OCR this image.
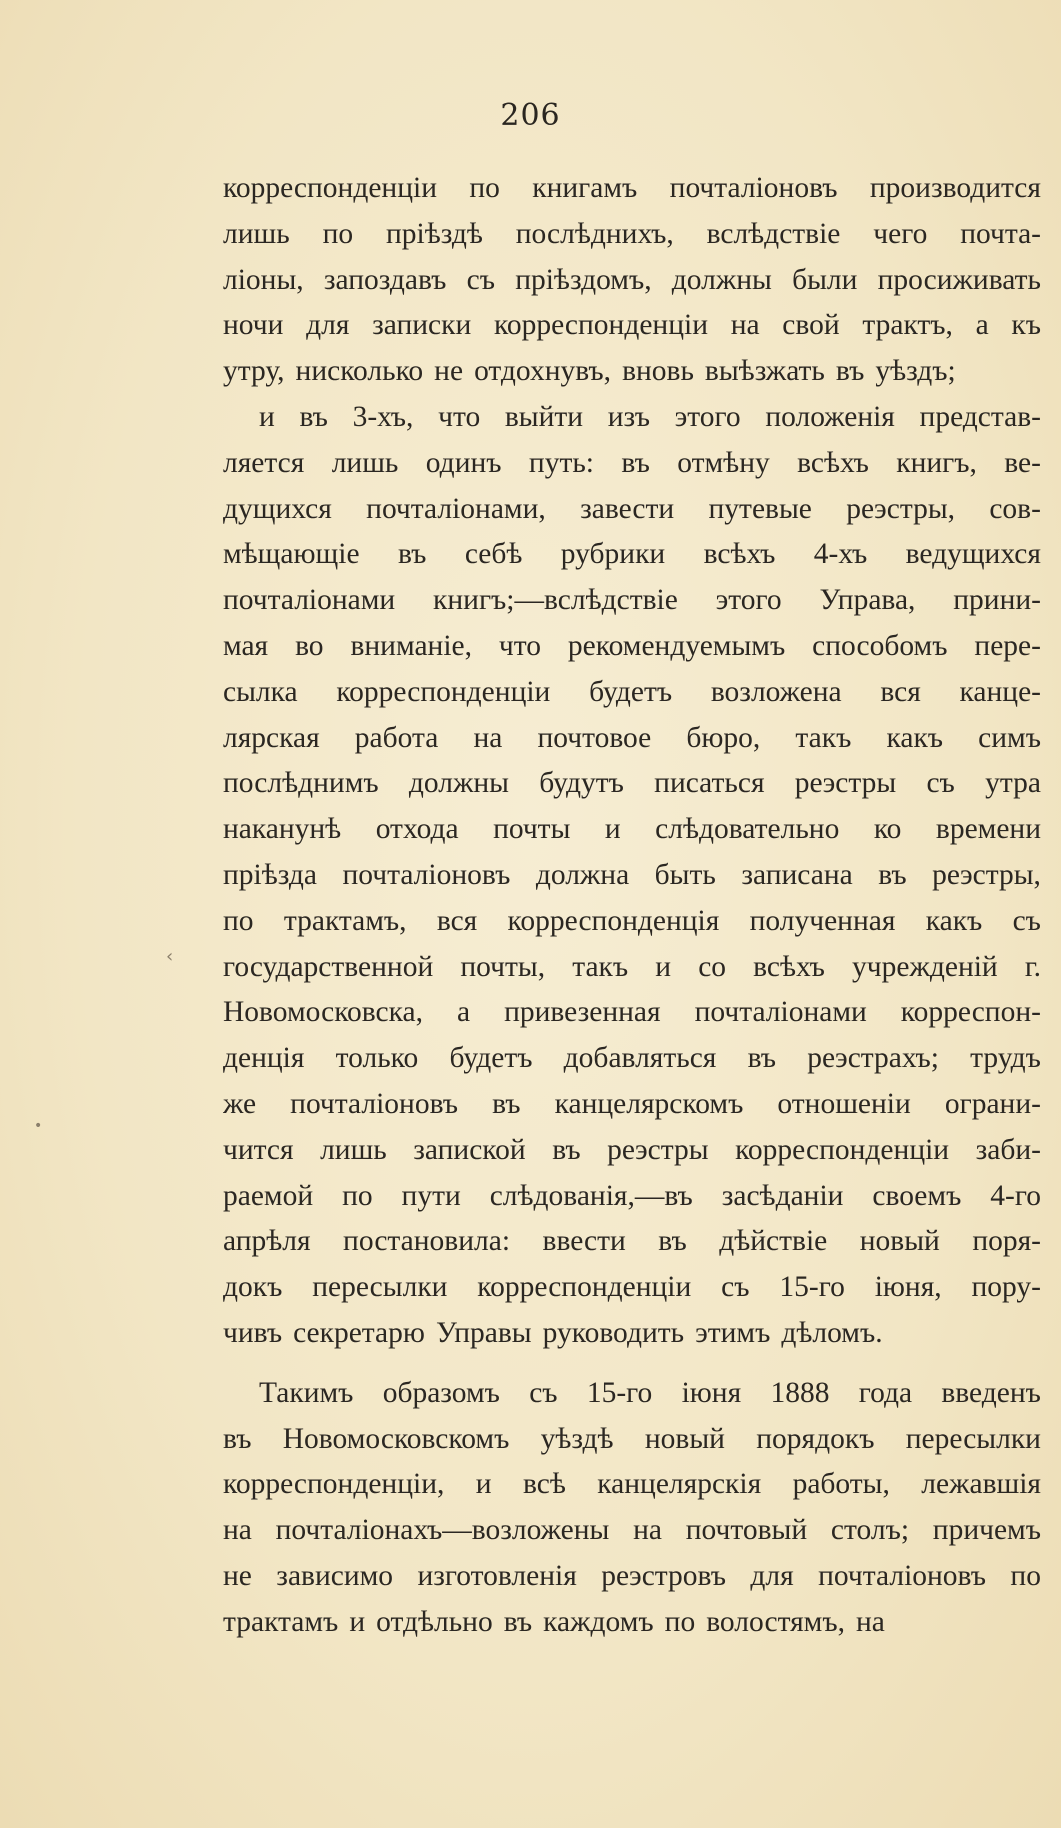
206
корреспонденціи по книгамъ почталіоновъ производится
лишь по пріѣздѣ послѣднихъ, вслѣдствіе чего почта-
ліоны, запоздавъ съ пріѣздомъ, должны были просиживать
ночи для записки корреспонденціи на свой трактъ, а къ
утру, нисколько не отдохнувъ, вновь выѣзжать въ уѣздъ;
и въ 3-хъ, что выйти изъ этого положенія представ-
ляется лишь одинъ путь: въ отмѣну всѣхъ книгъ, ве-
дущихся почталіонами, завести путевые реэстры, сов-
мѣщающіе въ себѣ рубрики всѣхъ 4-хъ ведущихся
почталіонами книгъ;—вслѣдствіе этого Управа, прини-
мая во вниманіе, что рекомендуемымъ способомъ пере-
сылка корреспонденціи будетъ возложена вся канце-
лярская работа на почтовое бюро, такъ какъ симъ
послѣднимъ должны будутъ писаться реэстры съ утра
наканунѣ отхода почты и слѣдовательно ко времени
пріѣзда почталіоновъ должна быть записана въ реэстры,
по трактамъ, вся корреспонденція полученная какъ съ
государственной почты, такъ и со всѣхъ учрежденій г.
Новомосковска, а привезенная почталіонами корреспон-
денція только будетъ добавляться въ реэстрахъ; трудъ
же почталіоновъ въ канцелярскомъ отношеніи ограни-
чится лишь запиской въ реэстры корреспонденціи заби-
раемой по пути слѣдованія,—въ засѣданіи своемъ 4-го
апрѣля постановила: ввести въ дѣйствіе новый поря-
докъ пересылки корреспонденціи съ 15-го іюня, пору-
чивъ секретарю Управы руководить этимъ дѣломъ.
Такимъ образомъ съ 15-го іюня 1888 года введенъ
въ Новомосковскомъ уѣздѣ новый порядокъ пересылки
корреспонденціи, и всѣ канцелярскія работы, лежавшія
на почталіонахъ—возложены на почтовый столъ; причемъ
не зависимо изготовленія реэстровъ для почталіоновъ по
трактамъ и отдѣльно въ каждомъ по волостямъ, на
‹
•
